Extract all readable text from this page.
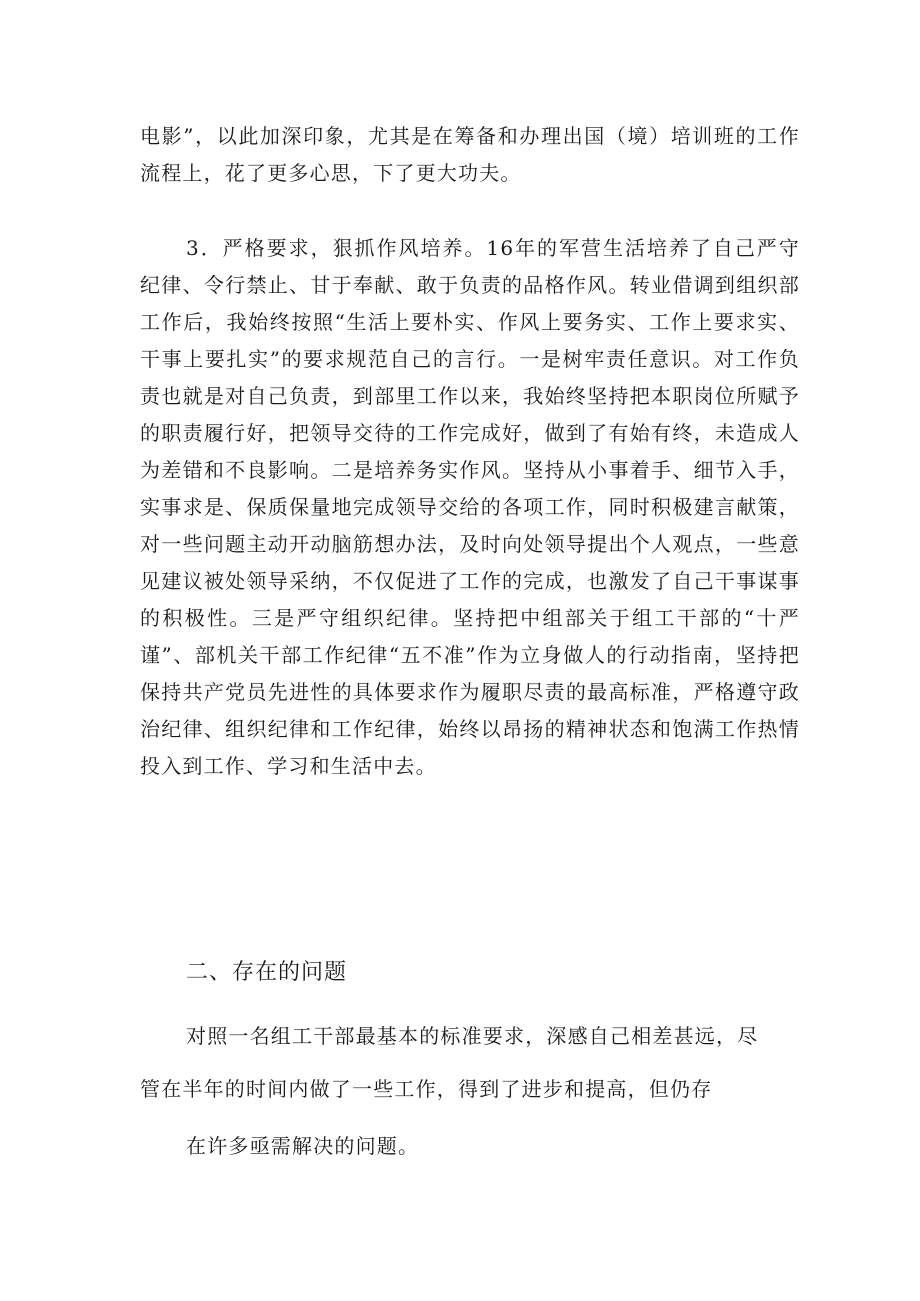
电影”，以此加深印象，尤其是在筹备和办理出国（境）培训班的工作流程上，花了更多心思，下了更大功夫。

3．严格要求，狠抓作风培养。16年的军营生活培养了自己严守纪律、令行禁止、甘于奉献、敢于负责的品格作风。转业借调到组织部工作后，我始终按照“生活上要朴实、作风上要务实、工作上要求实、干事上要扎实”的要求规范自己的言行。一是树牢责任意识。对工作负责也就是对自己负责，到部里工作以来，我始终坚持把本职岗位所赋予的职责履行好，把领导交待的工作完成好，做到了有始有终，未造成人为差错和不良影响。二是培养务实作风。坚持从小事着手、细节入手，实事求是、保质保量地完成领导交给的各项工作，同时积极建言献策，对一些问题主动开动脑筋想办法，及时向处领导提出个人观点，一些意见建议被处领导采纳，不仅促进了工作的完成，也激发了自己干事谋事的积极性。三是严守组织纪律。坚持把中组部关于组工干部的“十严谨”、部机关干部工作纪律“五不准”作为立身做人的行动指南，坚持把保持共产党员先进性的具体要求作为履职尽责的最高标准，严格遵守政治纪律、组织纪律和工作纪律，始终以昂扬的精神状态和饱满工作热情投入到工作、学习和生活中去。

二、存在的问题
对照一名组工干部最基本的标准要求，深感自己相差甚远，尽
管在半年的时间内做了一些工作，得到了进步和提高，但仍存
在许多亟需解决的问题。
